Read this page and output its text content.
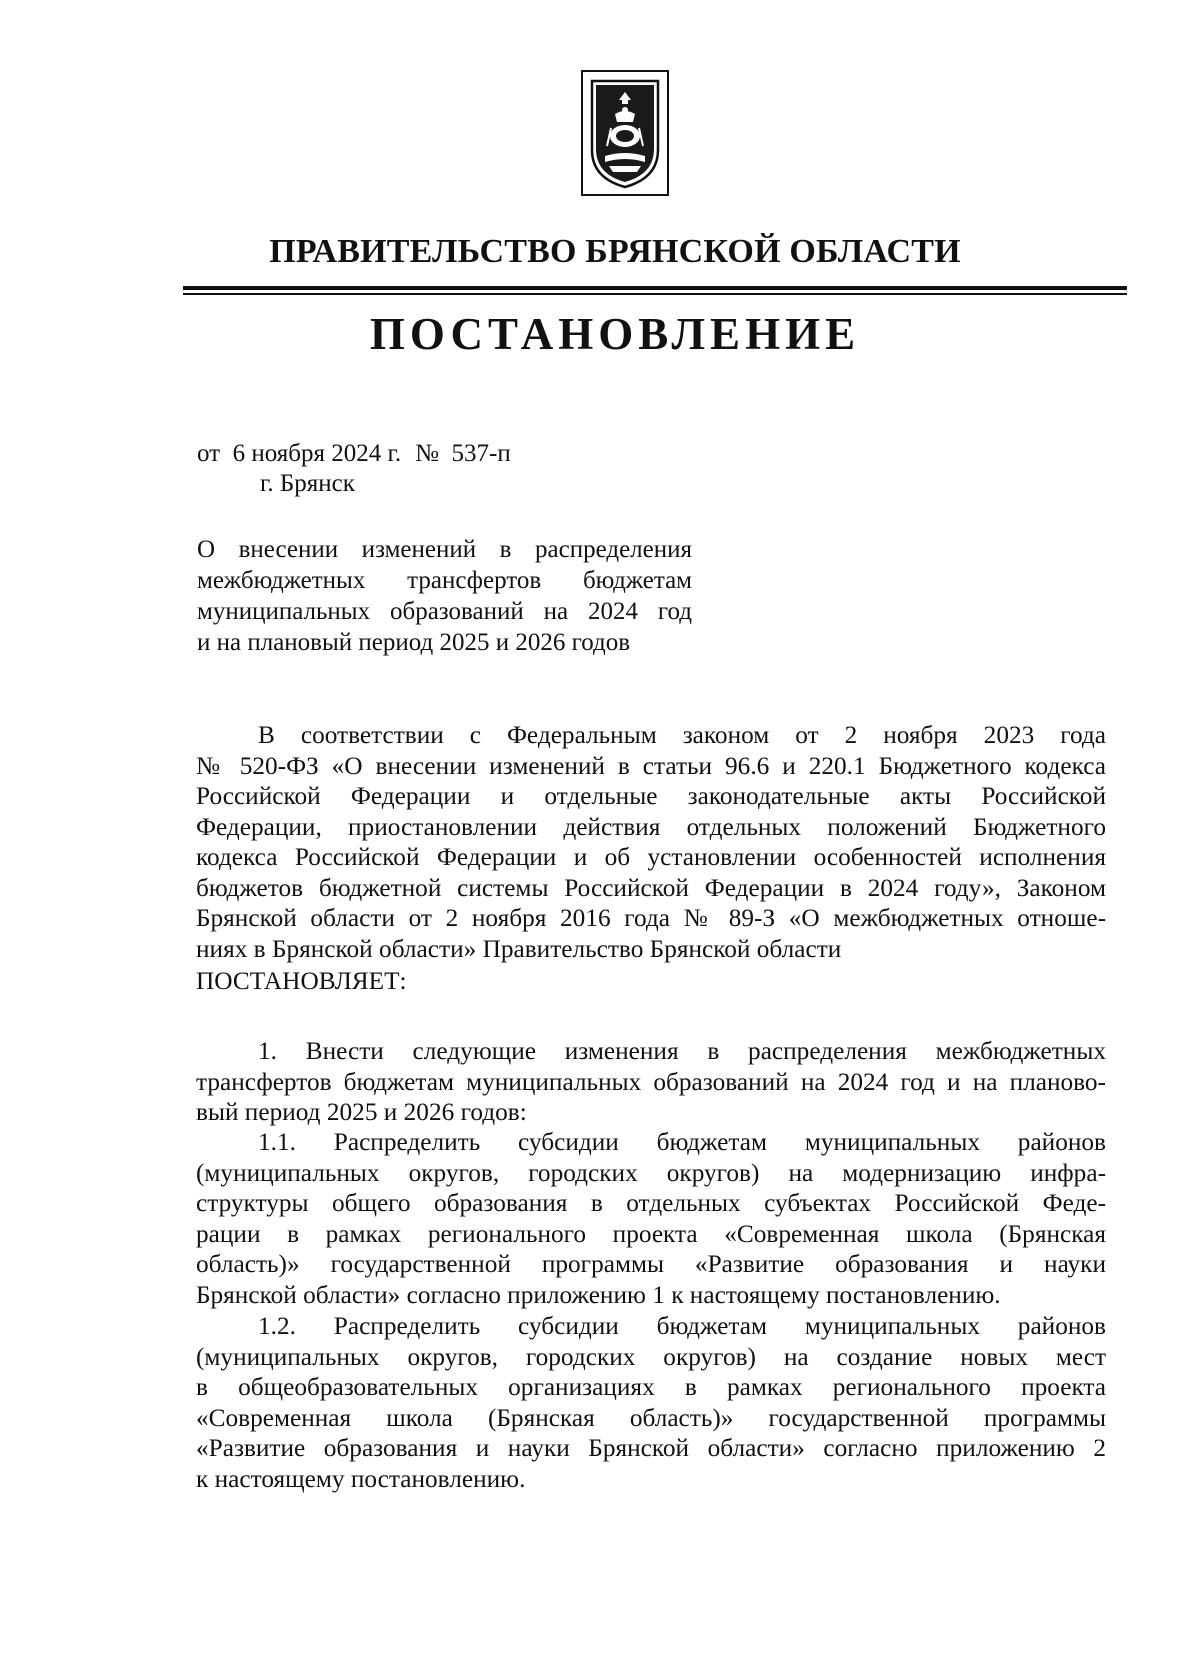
ПРАВИТЕЛЬСТВО БРЯНСКОЙ ОБЛАСТИ
ПОСТАНОВЛЕНИЕ
от  6 ноября 2024 г. №  537-п
г. Брянск
О внесении изменений в распределения
межбюджетных трансфертов бюджетам
муниципальных образований на 2024 год
и на плановый период 2025 и 2026 годов
В соответствии с Федеральным законом от 2 ноября 2023 года
№ 520-ФЗ «О внесении изменений в статьи 96.6 и 220.1 Бюджетного кодекса
Российской Федерации и отдельные законодательные акты Российской
Федерации, приостановлении действия отдельных положений Бюджетного
кодекса Российской Федерации и об установлении особенностей исполнения
бюджетов бюджетной системы Российской Федерации в 2024 году», Законом
Брянской области от 2 ноября 2016 года № 89-З «О межбюджетных отноше-
ниях в Брянской области» Правительство Брянской области
ПОСТАНОВЛЯЕТ:
1. Внести следующие изменения в распределения межбюджетных
трансфертов бюджетам муниципальных образований на 2024 год и на планово-
вый период 2025 и 2026 годов:
1.1. Распределить субсидии бюджетам муниципальных районов
(муниципальных округов, городских округов) на модернизацию инфра-
структуры общего образования в отдельных субъектах Российской Феде-
рации в рамках регионального проекта «Современная школа (Брянская
область)» государственной программы «Развитие образования и науки
Брянской области» согласно приложению 1 к настоящему постановлению.
1.2. Распределить субсидии бюджетам муниципальных районов
(муниципальных округов, городских округов) на создание новых мест
в общеобразовательных организациях в рамках регионального проекта
«Современная школа (Брянская область)» государственной программы
«Развитие образования и науки Брянской области» согласно приложению 2
к настоящему постановлению.
